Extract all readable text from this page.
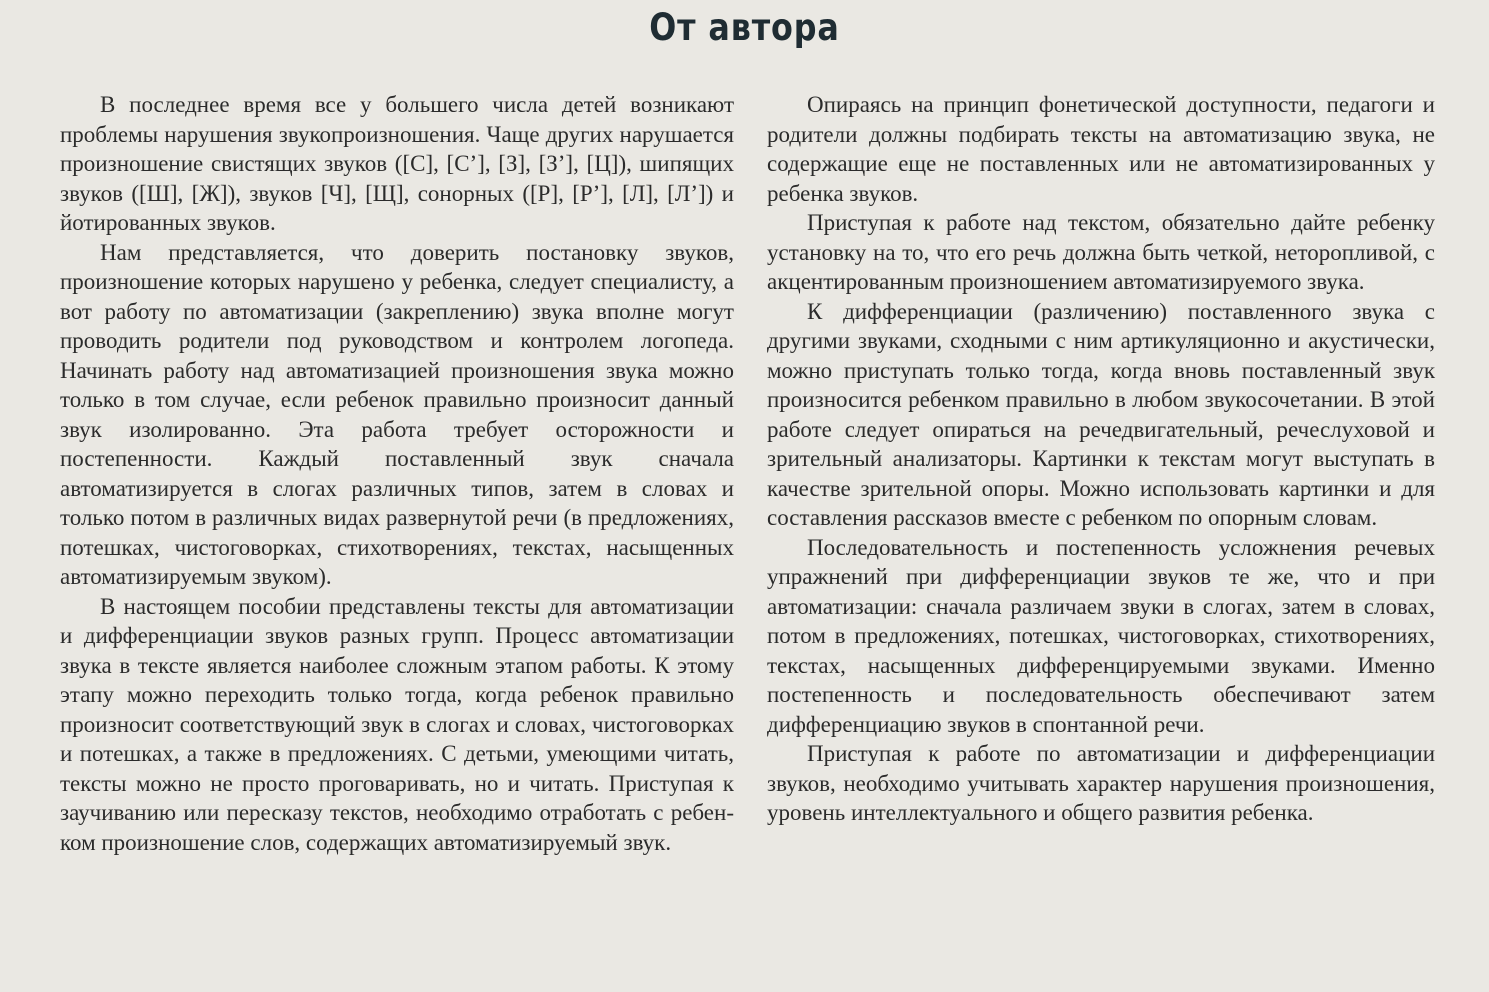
От автора

В последнее время все у большего числа детей возникают проблемы нарушения звукопроизношения. Чаще других нарушается произношение свистящих звуков ([С], [С’], [З], [З’], [Ц]), шипящих звуков ([Ш], [Ж]), звуков [Ч], [Щ], сонорных ([Р], [Р’], [Л], [Л’]) и йотированных звуков.

Нам представляется, что доверить постановку звуков, произношение которых нарушено у ребенка, следует специалисту, а вот работу по автоматизации (закреплению) звука вполне могут проводить родители под руководством и контролем логопеда. Начинать работу над автоматизацией произношения звука можно только в том случае, если ребенок правильно произносит данный звук изолированно. Эта работа требует осторожности и постепенности. Каждый поставленный звук сначала автоматизируется в слогах различных типов, затем в словах и только потом в различных видах развернутой речи (в предложениях, потешках, чистоговорках, стихотворениях, текстах, насыщенных автоматизируемым звуком).

В настоящем пособии представлены тексты для автоматизации и дифференциации звуков разных групп. Процесс автоматизации звука в тексте является наиболее сложным этапом работы. К этому этапу можно переходить только тогда, когда ребенок правильно произносит соответствующий звук в слогах и словах, чистоговорках и потешках, а также в предложениях. С детьми, умеющими читать, тексты можно не просто проговаривать, но и читать. Приступая к заучиванию или пересказу текстов, необходимо отработать с ребенком произношение слов, содержащих автоматизируемый звук.

Опираясь на принцип фонетической доступности, педагоги и родители должны подбирать тексты на автоматизацию звука, не содержащие еще не поставленных или не автоматизированных у ребенка звуков.

Приступая к работе над текстом, обязательно дайте ребенку установку на то, что его речь должна быть четкой, неторопливой, с акцентированным произношением автоматизируемого звука.

К дифференциации (различению) поставленного звука с другими звуками, сходными с ним артикуляционно и акустически, можно приступать только тогда, когда вновь поставленный звук произносится ребенком правильно в любом звукосочетании. В этой работе следует опираться на речедвигательный, речеслуховой и зрительный анализаторы. Картинки к текстам могут выступать в качестве зрительной опоры. Можно использовать картинки и для составления рассказов вместе с ребенком по опорным словам.

Последовательность и постепенность усложнения речевых упражнений при дифференциации звуков те же, что и при автоматизации: сначала различаем звуки в слогах, затем в словах, потом в предложениях, потешках, чистоговорках, стихотворениях, текстах, насыщенных дифференцируемыми звуками. Именно постепенность и последовательность обеспечивают затем дифференциацию звуков в спонтанной речи.

Приступая к работе по автоматизации и дифференциации звуков, необходимо учитывать характер нарушения произношения, уровень интеллектуального и общего развития ребенка.
